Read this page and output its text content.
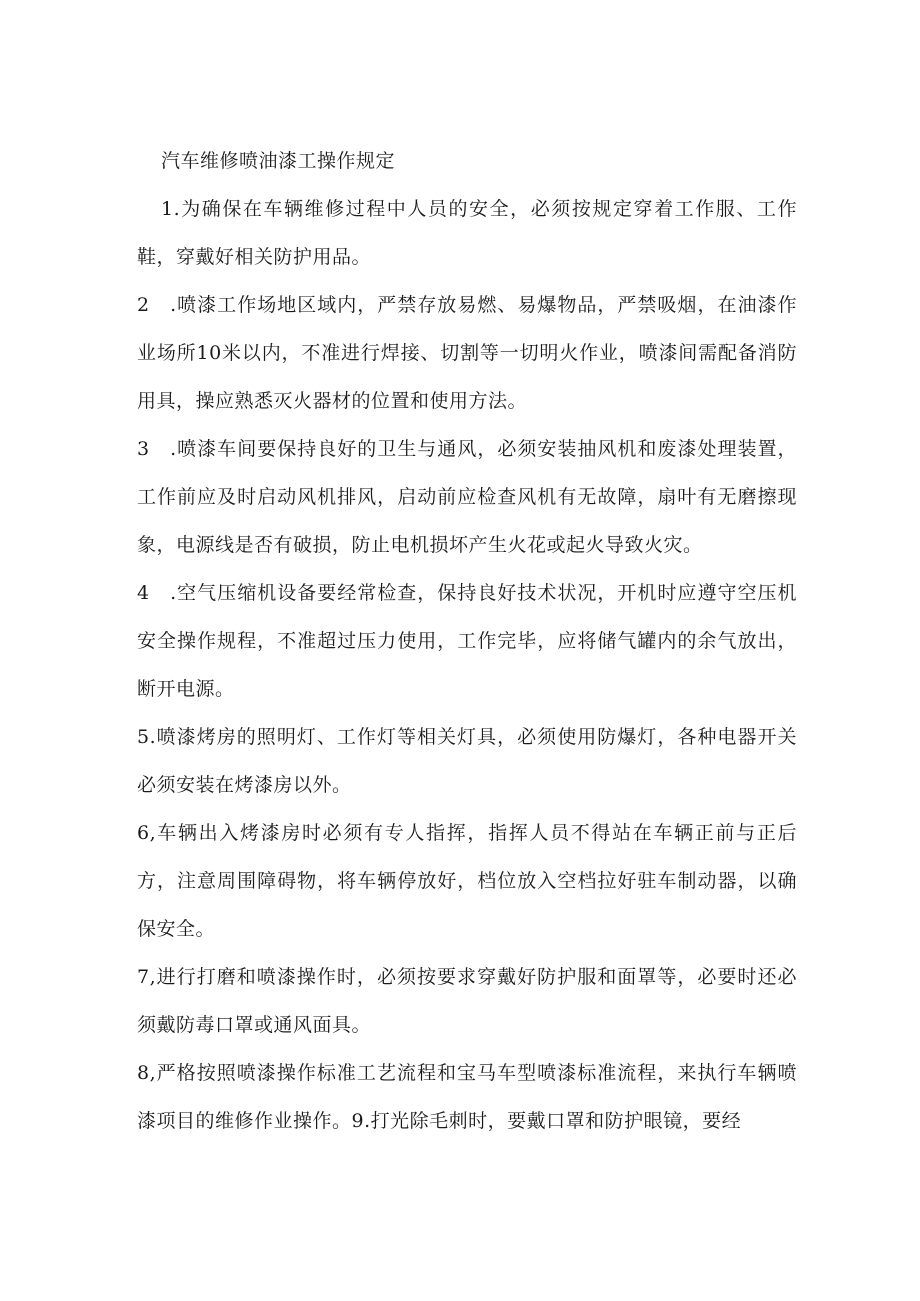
汽车维修喷油漆工操作规定

1.为确保在车辆维修过程中人员的安全，必须按规定穿着工作服、工作鞋，穿戴好相关防护用品。

2　.喷漆工作场地区域内，严禁存放易燃、易爆物品，严禁吸烟，在油漆作业场所10米以内，不准进行焊接、切割等一切明火作业，喷漆间需配备消防用具，操应熟悉灭火器材的位置和使用方法。

3　.喷漆车间要保持良好的卫生与通风，必须安装抽风机和废漆处理装置，工作前应及时启动风机排风，启动前应检查风机有无故障，扇叶有无磨擦现象，电源线是否有破损，防止电机损坏产生火花或起火导致火灾。

4　.空气压缩机设备要经常检查，保持良好技术状况，开机时应遵守空压机安全操作规程，不准超过压力使用，工作完毕，应将储气罐内的余气放出，断开电源。

5.喷漆烤房的照明灯、工作灯等相关灯具，必须使用防爆灯，各种电器开关必须安装在烤漆房以外。

6,车辆出入烤漆房时必须有专人指挥，指挥人员不得站在车辆正前与正后方，注意周围障碍物，将车辆停放好，档位放入空档拉好驻车制动器，以确保安全。

7,进行打磨和喷漆操作时，必须按要求穿戴好防护服和面罩等，必要时还必须戴防毒口罩或通风面具。

8,严格按照喷漆操作标准工艺流程和宝马车型喷漆标准流程，来执行车辆喷漆项目的维修作业操作。9.打光除毛刺时，要戴口罩和防护眼镜，要经
